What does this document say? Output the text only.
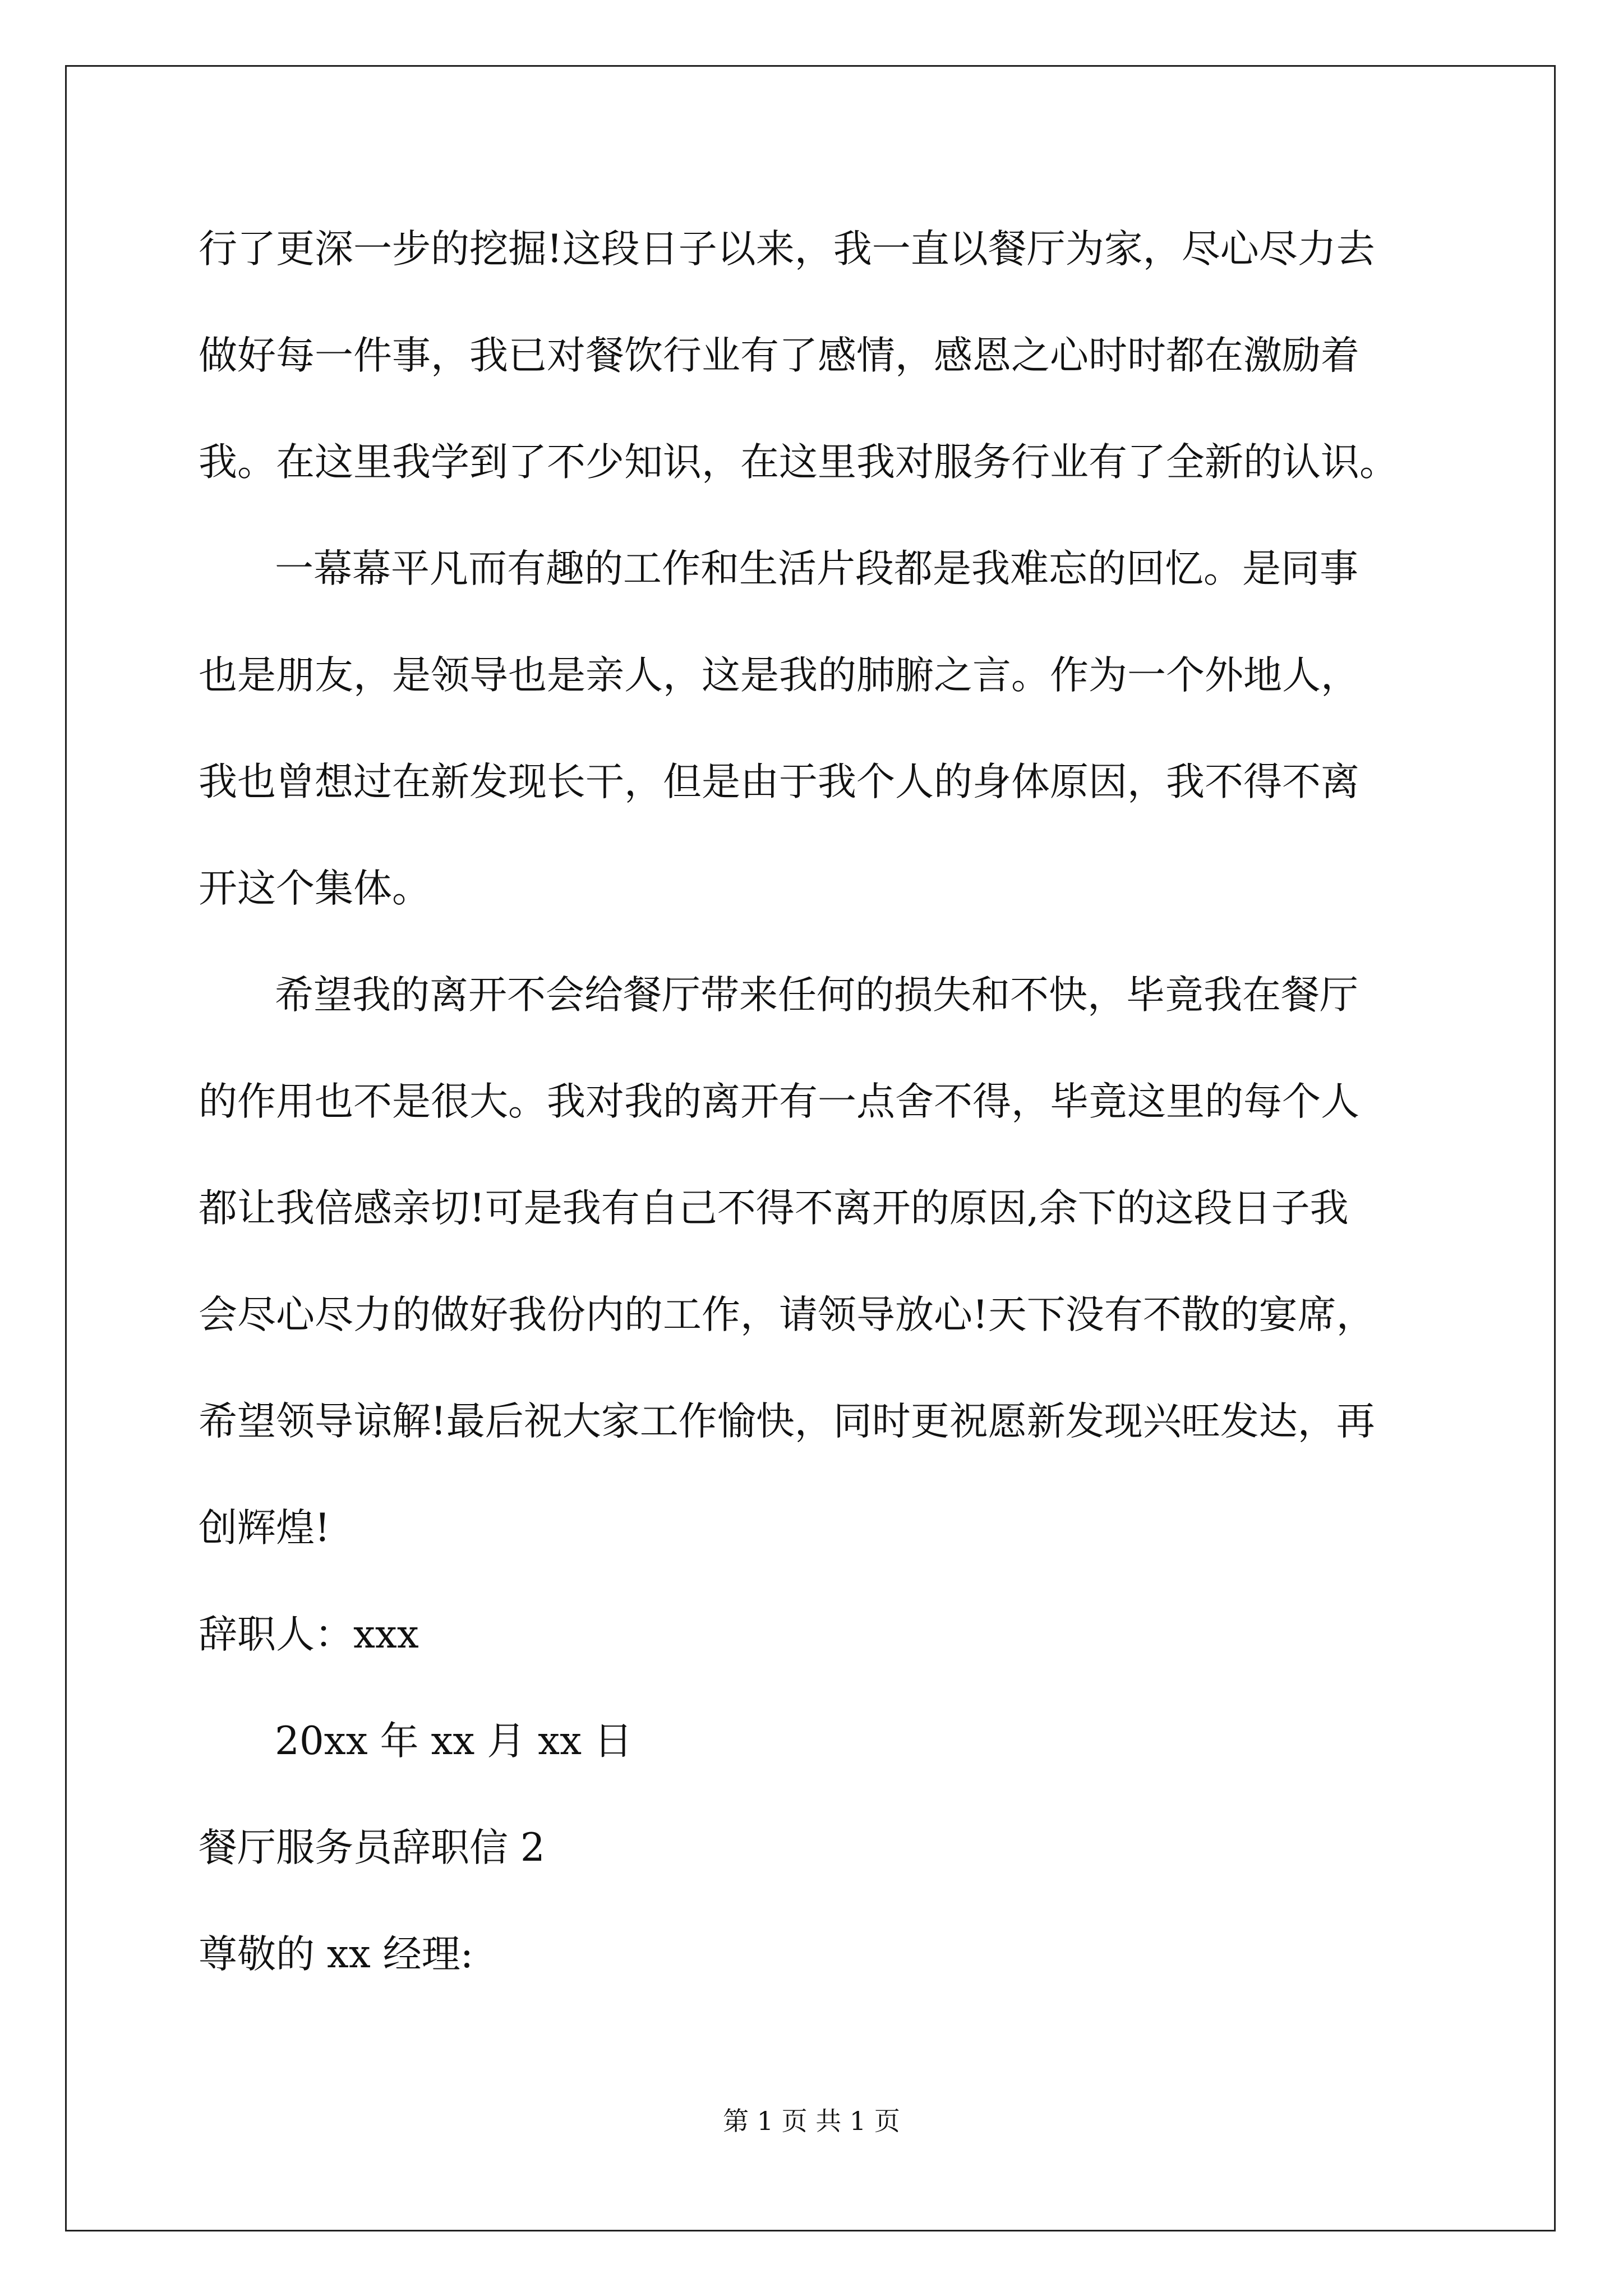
行了更深一步的挖掘!这段日子以来，我一直以餐厅为家，尽心尽力去
做好每一件事，我已对餐饮行业有了感情，感恩之心时时都在激励着
我。在这里我学到了不少知识，在这里我对服务行业有了全新的认识。
一幕幕平凡而有趣的工作和生活片段都是我难忘的回忆。是同事
也是朋友，是领导也是亲人，这是我的肺腑之言。作为一个外地人，
我也曾想过在新发现长干，但是由于我个人的身体原因，我不得不离
开这个集体。
希望我的离开不会给餐厅带来任何的损失和不快，毕竟我在餐厅
的作用也不是很大。我对我的离开有一点舍不得，毕竟这里的每个人
都让我倍感亲切!可是我有自己不得不离开的原因,余下的这段日子我
会尽心尽力的做好我份内的工作，请领导放心!天下没有不散的宴席，
希望领导谅解!最后祝大家工作愉快，同时更祝愿新发现兴旺发达，再
创辉煌!
辞职人：xxx
20xx 年 xx 月 xx 日
餐厅服务员辞职信 2
尊敬的 xx 经理:
第 1 页 共 1 页
